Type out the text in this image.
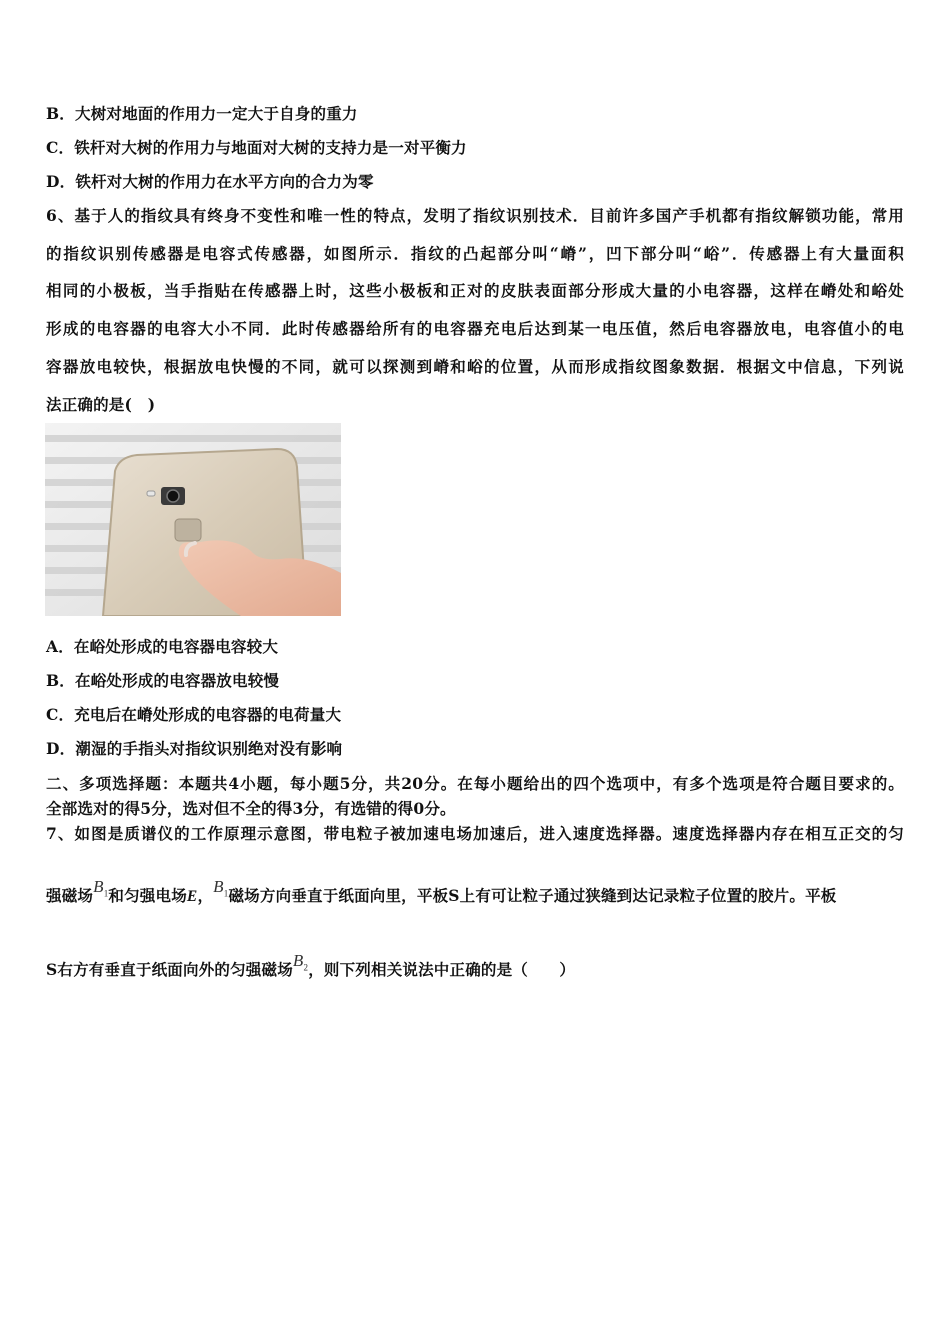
B．大树对地面的作用力一定大于自身的重力
C．铁杆对大树的作用力与地面对大树的支持力是一对平衡力
D．铁杆对大树的作用力在水平方向的合力为零
6、基于人的指纹具有终身不变性和唯一性的特点，发明了指纹识别技术．目前许多国产手机都有指纹解锁功能，常用
的指纹识别传感器是电容式传感器，如图所示．指纹的凸起部分叫“嵴”，凹下部分叫“峪”．传感器上有大量面积
相同的小极板，当手指贴在传感器上时，这些小极板和正对的皮肤表面部分形成大量的小电容器，这样在嵴处和峪处
形成的电容器的电容大小不同．此时传感器给所有的电容器充电后达到某一电压值，然后电容器放电，电容值小的电
容器放电较快，根据放电快慢的不同，就可以探测到嵴和峪的位置，从而形成指纹图象数据．根据文中信息，下列说
法正确的是(　)
A．在峪处形成的电容器电容较大
B．在峪处形成的电容器放电较慢
C．充电后在嵴处形成的电容器的电荷量大
D．潮湿的手指头对指纹识别绝对没有影响
二、多项选择题：本题共4小题，每小题5分，共20分。在每小题给出的四个选项中，有多个选项是符合题目要求的。
全部选对的得5分，选对但不全的得3分，有选错的得0分。
7、如图是质谱仪的工作原理示意图，带电粒子被加速电场加速后，进入速度选择器。速度选择器内存在相互正交的匀
强磁场$B_1$和匀强电场E，$B_1$磁场方向垂直于纸面向里，平板S上有可让粒子通过狭缝到达记录粒子位置的胶片。平板
S右方有垂直于纸面向外的匀强磁场$B_2$，则下列相关说法中正确的是（　　）
